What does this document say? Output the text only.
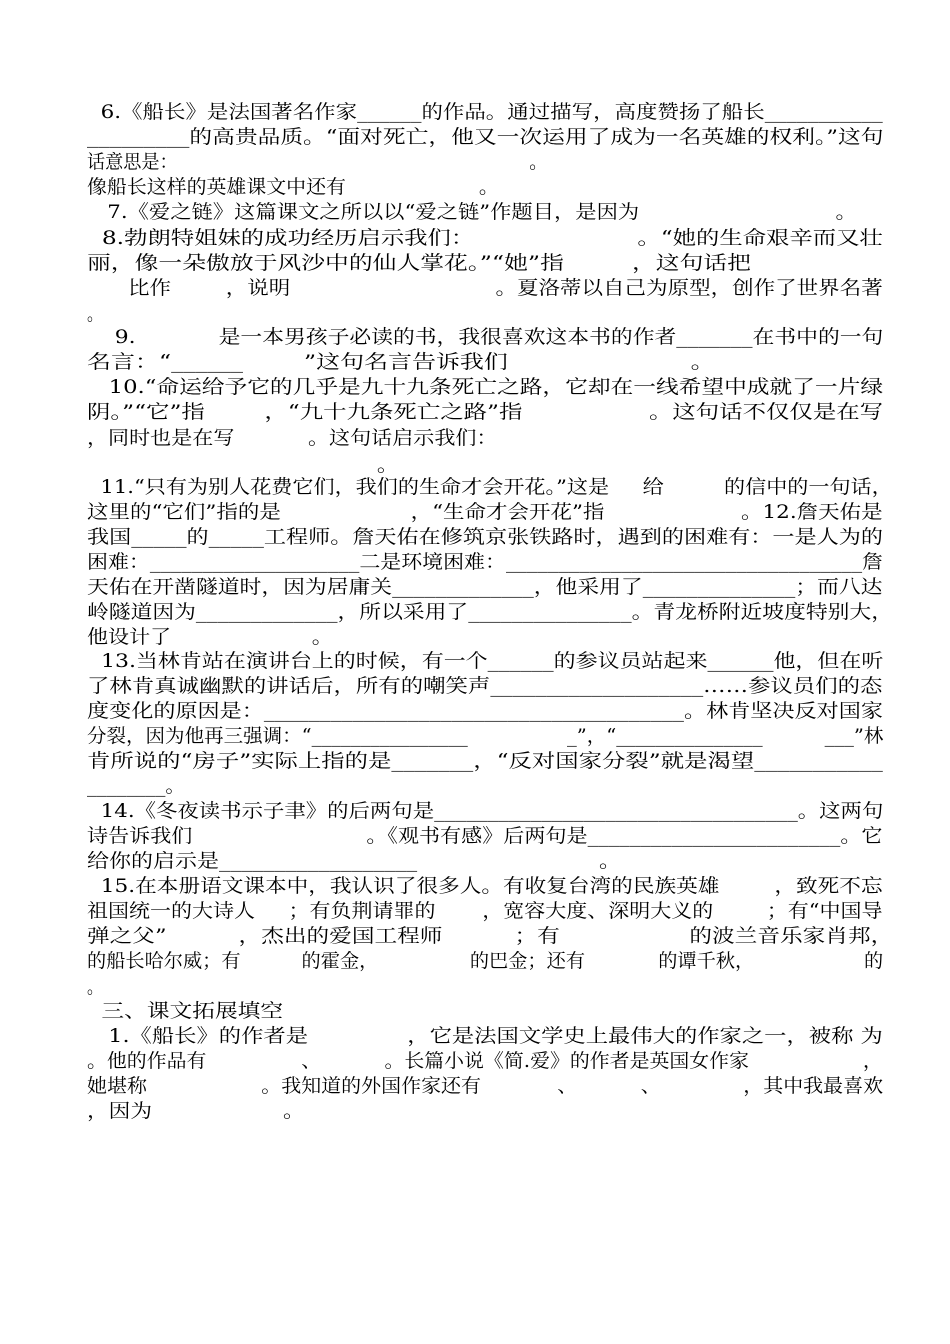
6.《船长》是法国著名作家______的作品。通过描写，高度赞扬了船长___________
_________的高贵品质。“面对死亡，他又一次运用了成为一名英雄的权利。”这句
话意思是：                                                             。
像船长这样的英雄课文中还有                     。
7.《爱之链》这篇课文之所以以“爱之链”作题目，是因为                             。
8.勃朗特姐妹的成功经历启示我们：                      。“她的生命艰辛而又壮
丽，像一朵傲放于风沙中的仙人掌花。”“她”指         ，这句话把
比作        ，说明                              。夏洛蒂以自己为原型，创作了世界名著
。
9.            是一本男孩子必读的书，我很喜欢这本书的作者_______在书中的一句
名言：“______        ”这句名言告诉我们                        。
10.“命运给予它的几乎是九十九条死亡之路，它却在一线希望中成就了一片绿
阴。”“它”指        ，“九十九条死亡之路”指                 。这句话不仅仅是在写
，同时也是在写           。这句话启示我们：
。
11.“只有为别人花费它们，我们的生命才会开花。”这是     给         的信中的一句话，
这里的“它们”指的是                   ，“生命才会开花”指                    。12.詹天佑是
我国_____的_____工程师。詹天佑在修筑京张铁路时，遇到的困难有：一是人为的
困难：____________________二是环境困难：__________________________________詹
天佑在开凿隧道时，因为居庸关_____________，他采用了______________；而八达
岭隧道因为_____________，所以采用了_______________。青龙桥附近坡度特别大，
他设计了                     。
13.当林肯站在演讲台上的时候，有一个______的参议员站起来______他，但在听
了林肯真诚幽默的讲话后，所有的嘲笑声___________________……参议员们的态
度变化的原因是：______________________________________。林肯坚决反对国家
分裂，因为他再三强调：“________________                _”，“_______________          ___”林
肯所说的“房子”实际上指的是_______，“反对国家分裂”就是渴望___________
________。
14.《冬夜读书示子聿》的后两句是__________________________________。这两句
诗告诉我们                          。《观书有感》后两句是________________________。它
给你的启示是__________________                          。
15.在本册语文课本中，我认识了很多人。有收复台湾的民族英雄        ，致死不忘
祖国统一的大诗人     ；有负荆请罪的       ，宽容大度、深明大义的        ；有“中国导
弹之父”          ，杰出的爱国工程师          ；有                  的波兰音乐家肖邦，
的船长哈尔威；有          的霍金，               的巴金；还有            的谭千秋，                  的
。
三、课文拓展填空
1.《船长》的作者是              ，它是法国文学史上最伟大的作家之一，被称 为
。他的作品有               、          。长篇小说《简.爱》的作者是英国女作家                  ，
她堪称                  。我知道的外国作家还有            、          、             ，其中我最喜欢
，因为                   。
